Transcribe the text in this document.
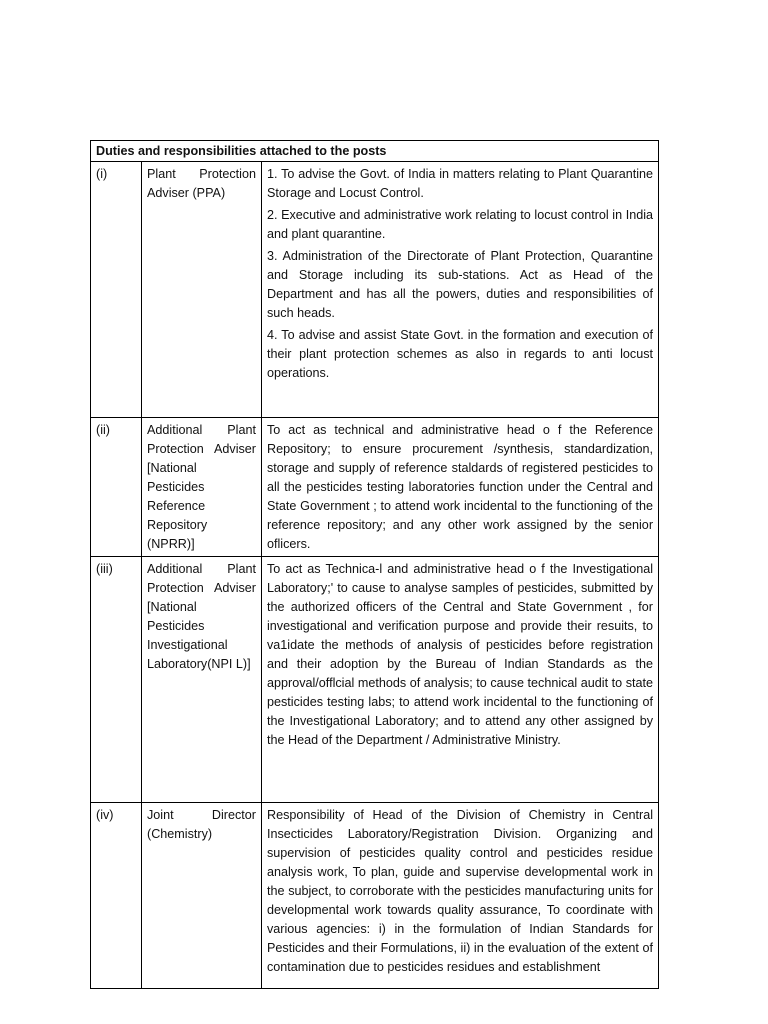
Duties and responsibilities attached to the posts		
(i)	Plant Protection Adviser (PPA)	1. To advise the Govt. of India in matters relating to Plant Quarantine Storage and Locust Control.
2. Executive and administrative work relating to locust control in India and plant quarantine.
3. Administration of the Directorate of Plant Protection, Quarantine and Storage including its sub-stations. Act as Head of the Department and has all the powers, duties and responsibilities of such heads.
4. To advise and assist State Govt. in the formation and execution of their plant protection schemes as also in regards to anti locust operations.

(ii)	Additional Plant Protection Adviser [National Pesticides Reference Repository (NPRR)]	To act as technical and administrative head o f the Reference Repository; to ensure procurement /synthesis, standardization, storage and supply of reference staldards of registered pesticides to all the pesticides testing laboratories function under the Central and State Government ; to attend work incidental to the functioning of the reference repository; and any other work assigned by the senior oflicers.

(iii)	Additional Plant Protection Adviser [National Pesticides Investigational Laboratory(NPI L)]	To act as Technica-l and administrative head o f the Investigational Laboratory;' to cause to analyse samples of pesticides, submitted by the authorized officers of the Central and State Government , for investigational and verification purpose and provide their resuits, to va1idate the methods of analysis of pesticides before registration and their adoption by the Bureau of Indian Standards as the approval/offlcial methods of analysis; to cause technical audit to state pesticides testing labs; to attend work incidental to the functioning of the Investigational Laboratory; and to attend any other assigned by the Head of the Department / Administrative Ministry.

(iv)	Joint Director (Chemistry)	Responsibility of Head of the Division of Chemistry in Central Insecticides Laboratory/Registration Division. Organizing and supervision of pesticides quality control and pesticides residue analysis work, To plan, guide and supervise developmental work in the subject, to corroborate with the pesticides manufacturing units for developmental work towards quality assurance, To coordinate with various agencies: i) in the formulation of Indian Standards for Pesticides and their Formulations, ii) in the evaluation of the extent of contamination due to pesticides residues and establishment
